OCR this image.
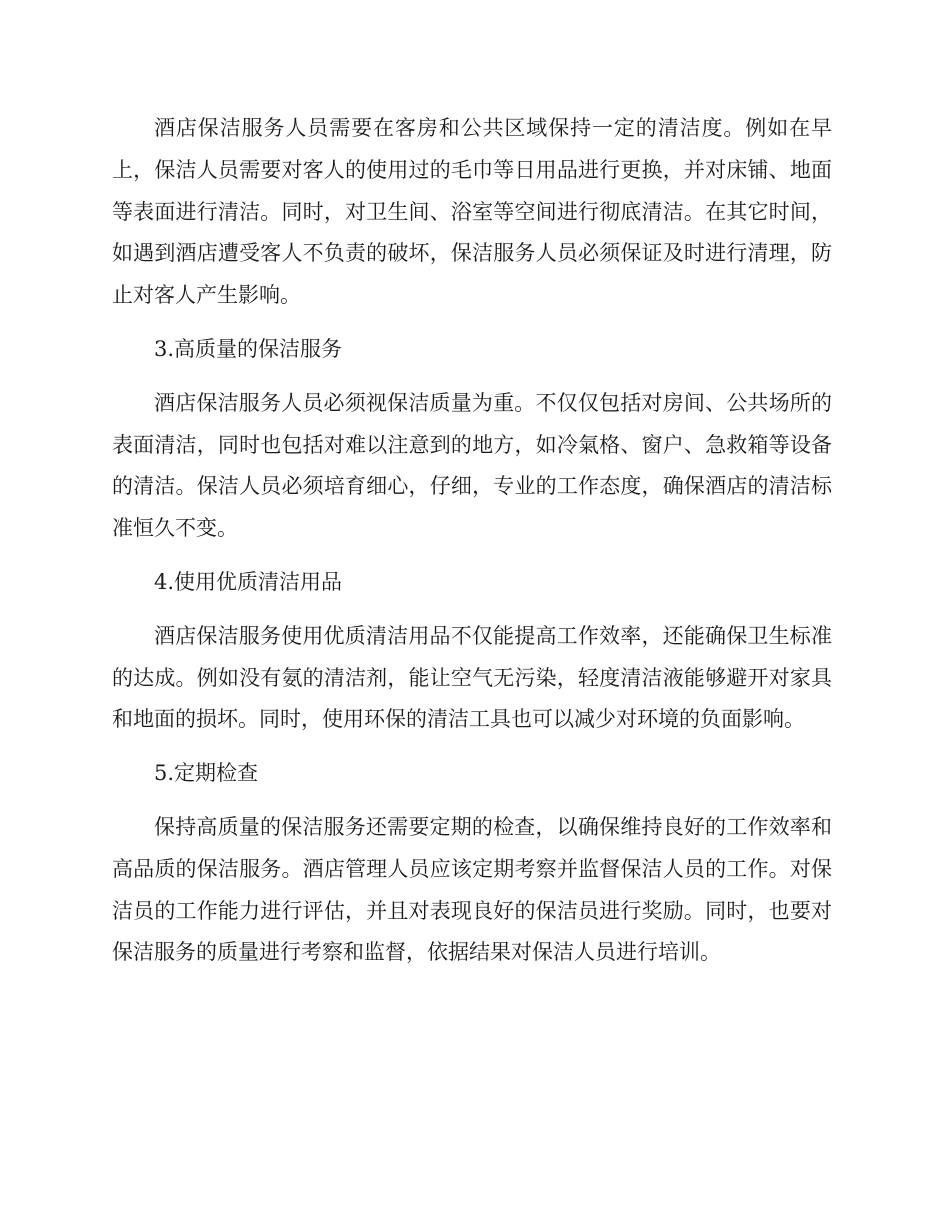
酒店保洁服务人员需要在客房和公共区域保持一定的清洁度。例如在早上，保洁人员需要对客人的使用过的毛巾等日用品进行更换，并对床铺、地面等表面进行清洁。同时，对卫生间、浴室等空间进行彻底清洁。在其它时间，如遇到酒店遭受客人不负责的破坏，保洁服务人员必须保证及时进行清理，防止对客人产生影响。

3.高质量的保洁服务

酒店保洁服务人员必须视保洁质量为重。不仅仅包括对房间、公共场所的表面清洁，同时也包括对难以注意到的地方，如冷氣格、窗户、急救箱等设备的清洁。保洁人员必须培育细心，仔细，专业的工作态度，确保酒店的清洁标准恒久不变。

4.使用优质清洁用品

酒店保洁服务使用优质清洁用品不仅能提高工作效率，还能确保卫生标准的达成。例如没有氨的清洁剂，能让空气无污染，轻度清洁液能够避开对家具和地面的损坏。同时，使用环保的清洁工具也可以减少对环境的负面影响。

5.定期检查

保持高质量的保洁服务还需要定期的检查，以确保维持良好的工作效率和高品质的保洁服务。酒店管理人员应该定期考察并监督保洁人员的工作。对保洁员的工作能力进行评估，并且对表现良好的保洁员进行奖励。同时，也要对保洁服务的质量进行考察和监督，依据结果对保洁人员进行培训。
